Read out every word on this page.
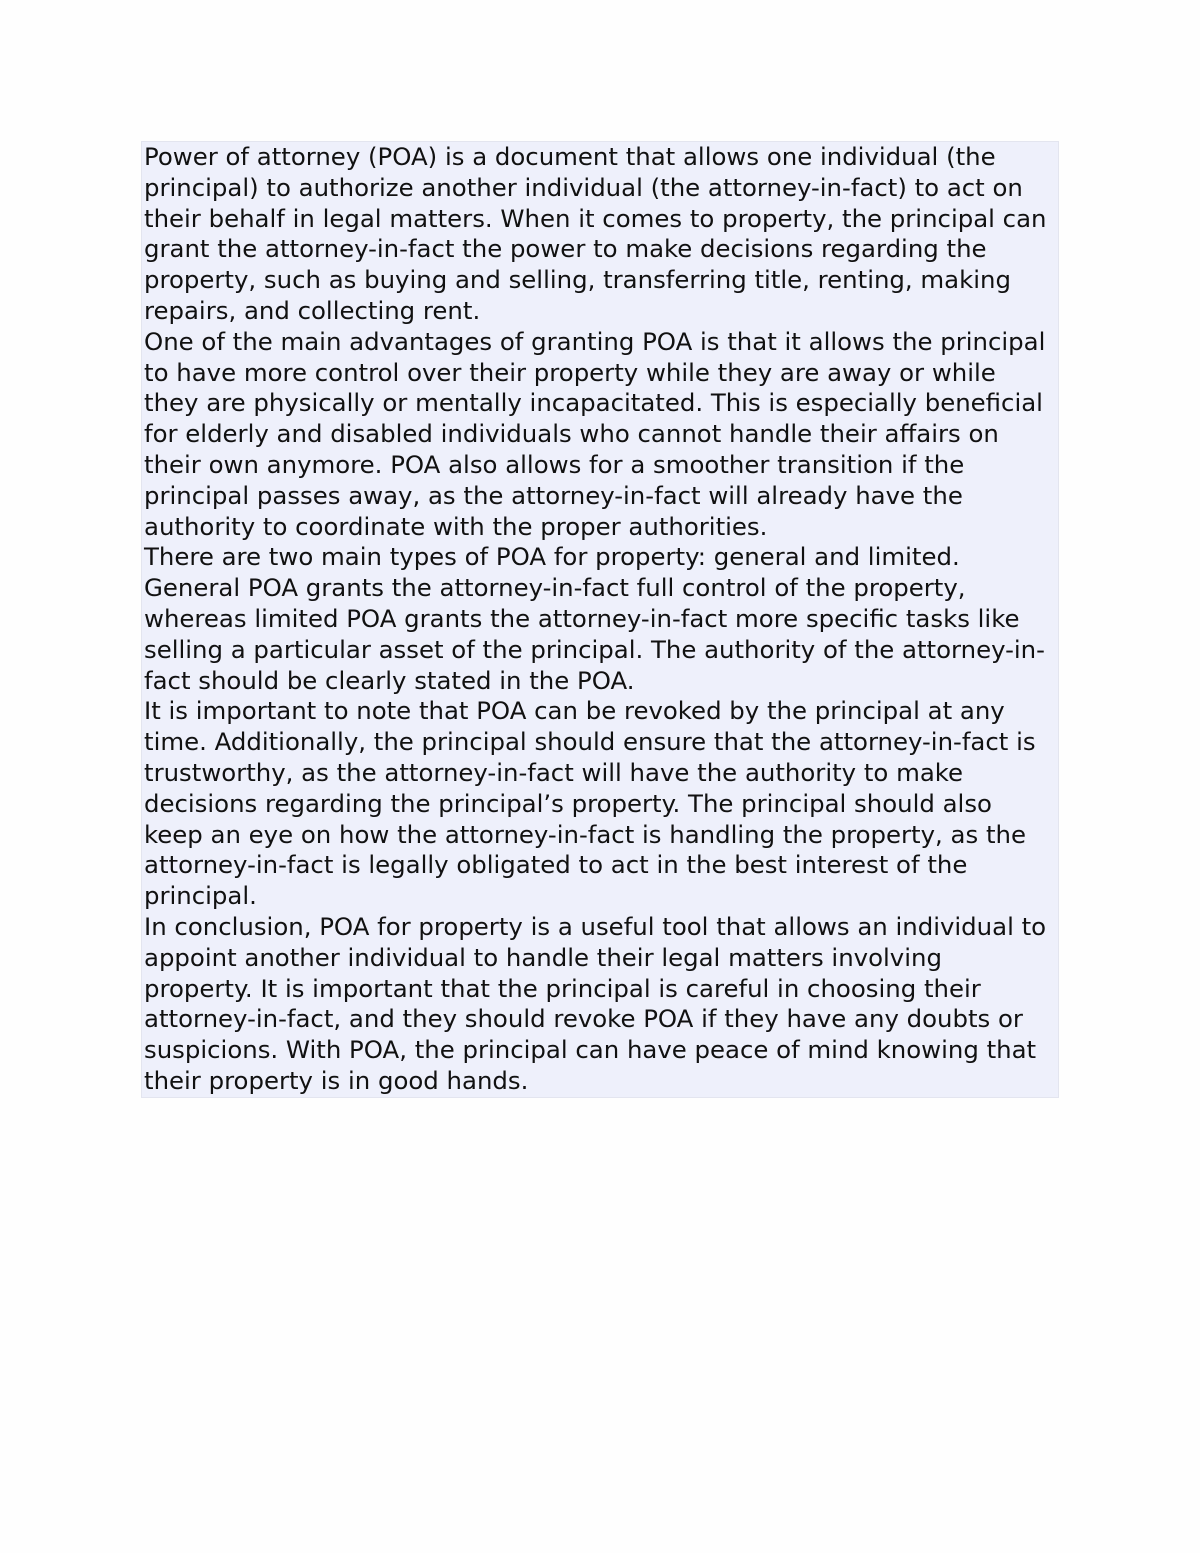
Power of attorney (POA) is a document that allows one individual (the principal) to authorize another individual (the attorney-in-fact) to act on their behalf in legal matters. When it comes to property, the principal can grant the attorney-in-fact the power to make decisions regarding the property, such as buying and selling, transferring title, renting, making repairs, and collecting rent.

One of the main advantages of granting POA is that it allows the principal to have more control over their property while they are away or while they are physically or mentally incapacitated. This is especially beneficial for elderly and disabled individuals who cannot handle their affairs on their own anymore. POA also allows for a smoother transition if the principal passes away, as the attorney-in-fact will already have the authority to coordinate with the proper authorities.

There are two main types of POA for property: general and limited. General POA grants the attorney-in-fact full control of the property, whereas limited POA grants the attorney-in-fact more specific tasks like selling a particular asset of the principal. The authority of the attorney-in-fact should be clearly stated in the POA.

It is important to note that POA can be revoked by the principal at any time. Additionally, the principal should ensure that the attorney-in-fact is trustworthy, as the attorney-in-fact will have the authority to make decisions regarding the principal’s property. The principal should also keep an eye on how the attorney-in-fact is handling the property, as the attorney-in-fact is legally obligated to act in the best interest of the principal.

In conclusion, POA for property is a useful tool that allows an individual to appoint another individual to handle their legal matters involving property. It is important that the principal is careful in choosing their attorney-in-fact, and they should revoke POA if they have any doubts or suspicions. With POA, the principal can have peace of mind knowing that their property is in good hands.
